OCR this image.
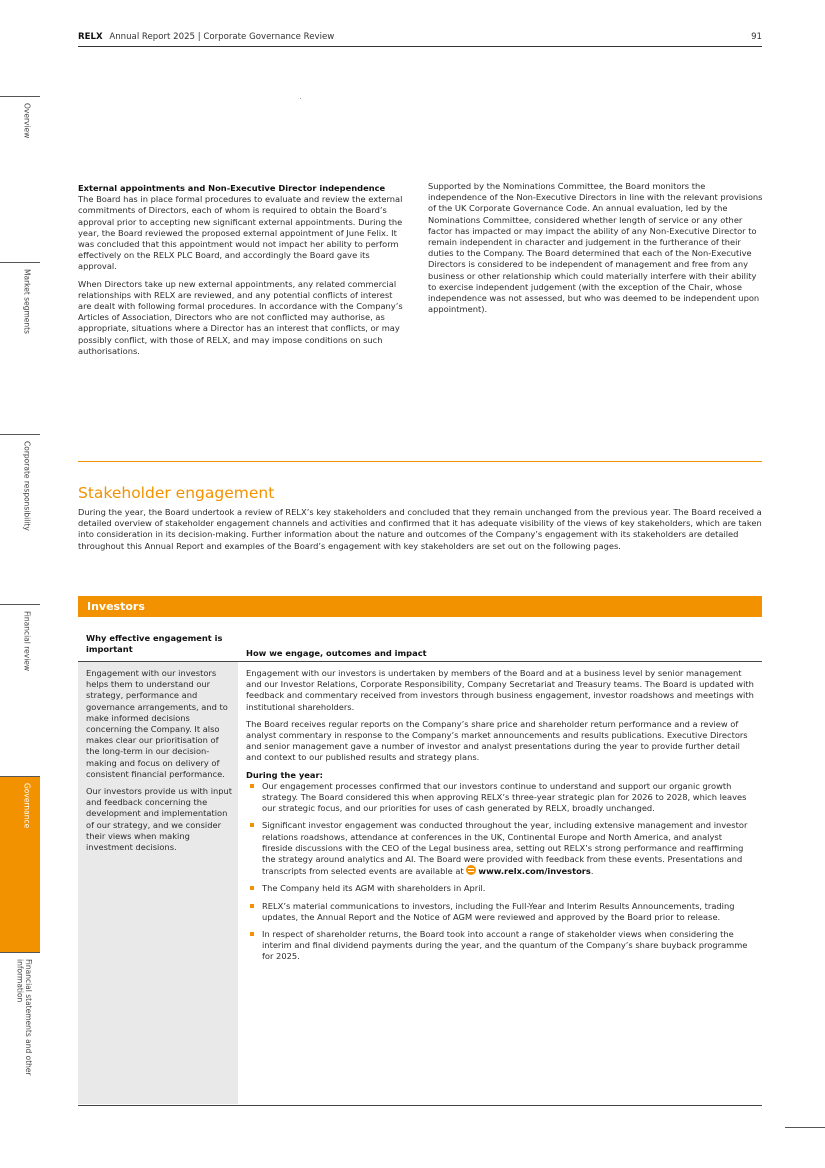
RELX Annual Report 2025 | Corporate Governance Review	91

External appointments and Non-Executive Director independence

The Board has in place formal procedures to evaluate and review the external commitments of Directors, each of whom is required to obtain the Board’s approval prior to accepting new significant external appointments. During the year, the Board reviewed the proposed external appointment of June Felix. It was concluded that this appointment would not impact her ability to perform effectively on the RELX PLC Board, and accordingly the Board gave its approval.

When Directors take up new external appointments, any related commercial relationships with RELX are reviewed, and any potential conflicts of interest are dealt with following formal procedures. In accordance with the Company’s Articles of Association, Directors who are not conflicted may authorise, as appropriate, situations where a Director has an interest that conflicts, or may possibly conflict, with those of RELX, and may impose conditions on such authorisations.

Supported by the Nominations Committee, the Board monitors the independence of the Non-Executive Directors in line with the relevant provisions of the UK Corporate Governance Code. An annual evaluation, led by the Nominations Committee, considered whether length of service or any other factor has impacted or may impact the ability of any Non-Executive Director to remain independent in character and judgement in the furtherance of their duties to the Company. The Board determined that each of the Non-Executive Directors is considered to be independent of management and free from any business or other relationship which could materially interfere with their ability to exercise independent judgement (with the exception of the Chair, whose independence was not assessed, but who was deemed to be independent upon appointment).

Stakeholder engagement
During the year, the Board undertook a review of RELX’s key stakeholders and concluded that they remain unchanged from the previous year. The Board received a detailed overview of stakeholder engagement channels and activities and confirmed that it has adequate visibility of the views of key stakeholders, which are taken into consideration in its decision-making. Further information about the nature and outcomes of the Company’s engagement with its stakeholders are detailed throughout this Annual Report and examples of the Board’s engagement with key stakeholders are set out on the following pages.
Investors
Why effective engagement is important	How we engage, outcomes and impact

Engagement with our investors helps them to understand our strategy, performance and governance arrangements, and to make informed decisions concerning the Company. It also makes clear our prioritisation of the long-term in our decision-making and focus on delivery of consistent financial performance.

Our investors provide us with input and feedback concerning the development and implementation of our strategy, and we consider their views when making investment decisions.

Engagement with our investors is undertaken by members of the Board and at a business level by senior management and our Investor Relations, Corporate Responsibility, Company Secretariat and Treasury teams. The Board is updated with feedback and commentary received from investors through business engagement, investor roadshows and meetings with institutional shareholders.

The Board receives regular reports on the Company’s share price and shareholder return performance and a review of analyst commentary in response to the Company’s market announcements and results publications. Executive Directors and senior management gave a number of investor and analyst presentations during the year to provide further detail and context to our published results and strategy plans.

During the year:

Our engagement processes confirmed that our investors continue to understand and support our organic growth strategy. The Board considered this when approving RELX’s three-year strategic plan for 2026 to 2028, which leaves our strategic focus, and our priorities for uses of cash generated by RELX, broadly unchanged.
Significant investor engagement was conducted throughout the year, including extensive management and investor relations roadshows, attendance at conferences in the UK, Continental Europe and North America, and analyst fireside discussions with the CEO of the Legal business area, setting out RELX’s strong performance and reaffirming the strategy around analytics and AI. The Board were provided with feedback from these events. Presentations and transcripts from selected events are available at www.relx.com/investors.
The Company held its AGM with shareholders in April.
RELX’s material communications to investors, including the Full-Year and Interim Results Announcements, trading updates, the Annual Report and the Notice of AGM were reviewed and approved by the Board prior to release.
In respect of shareholder returns, the Board took into account a range of stakeholder views when considering the interim and final dividend payments during the year, and the quantum of the Company’s share buyback programme for 2025.
Overview
Market segments
Corporate responsibility
Financial review
Governance
Financial statements and other information
